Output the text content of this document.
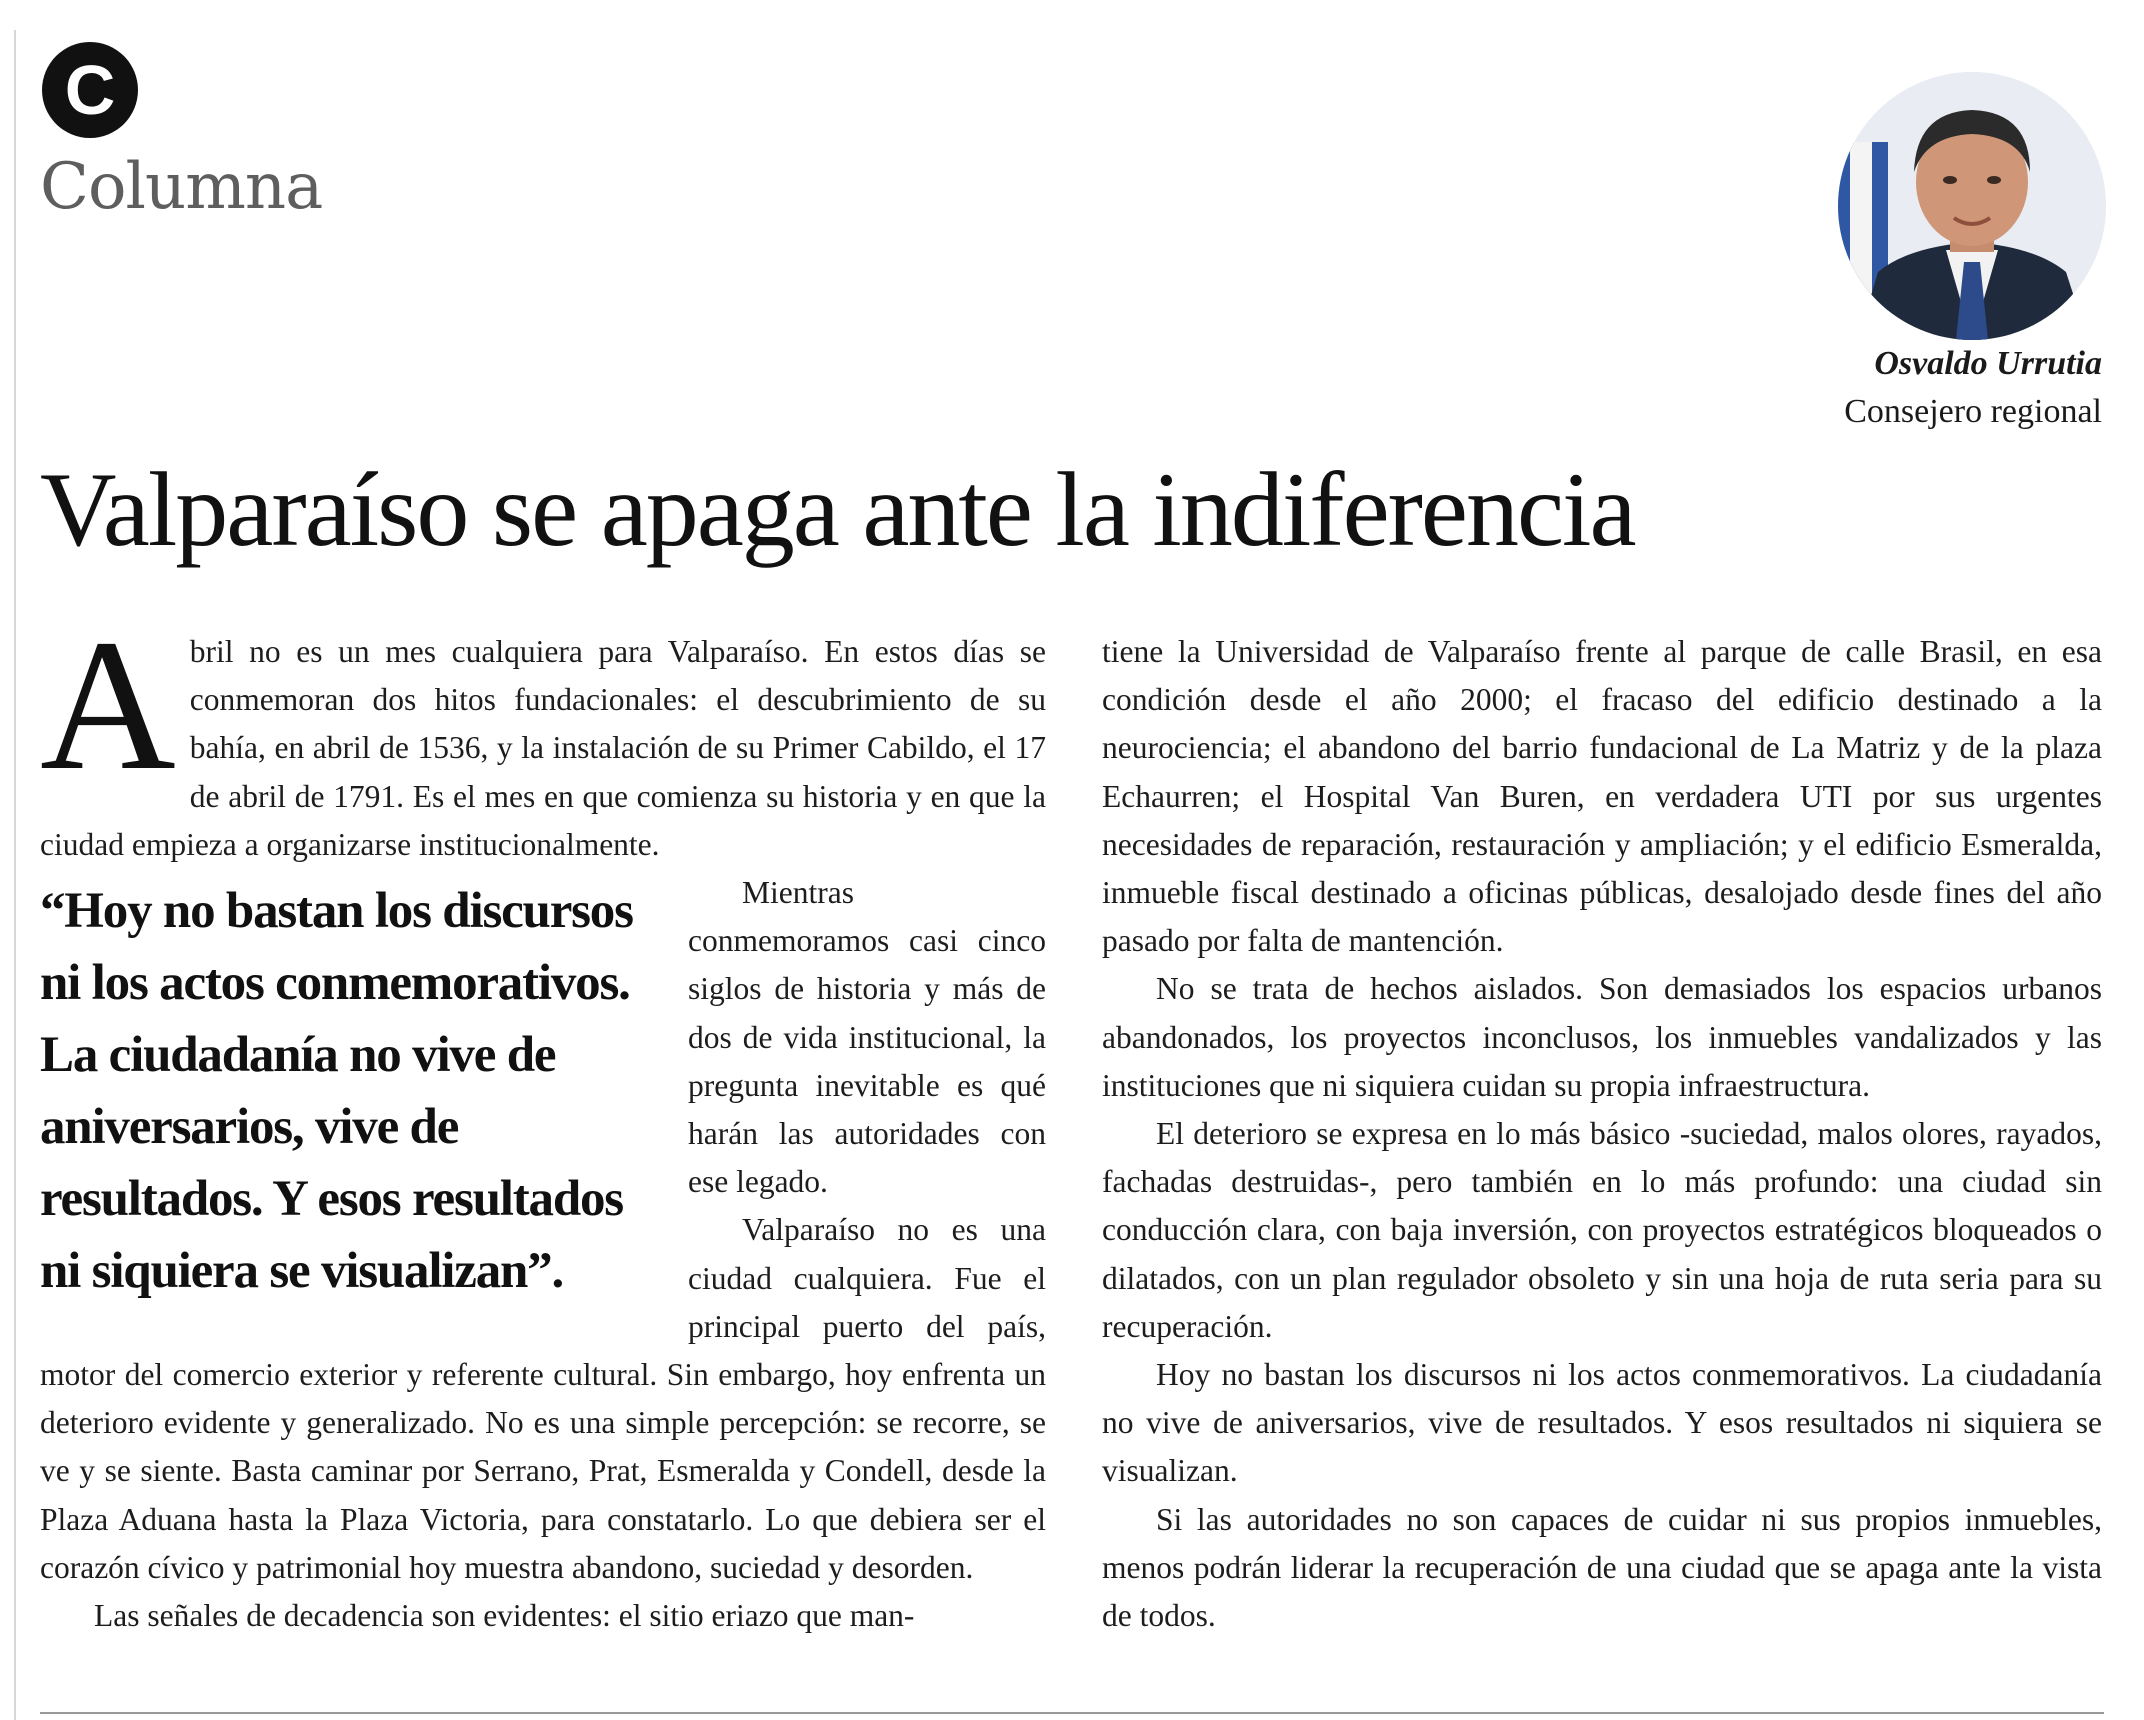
C
Columna
Osvaldo Urrutia
Consejero regional
Valparaíso se apaga ante la indiferencia

Abril no es un mes cualquiera para Valparaíso. En estos días se conmemoran dos hitos fundacionales: el descubrimiento de su bahía, en abril de 1536, y la instalación de su Primer Cabildo, el 17 de abril de 1791. Es el mes en que comienza su historia y en que la ciudad empieza a organizarse institucionalmente.

“Hoy no bastan los discursos ni los actos conmemorativos. La ciudadanía no vive de aniversarios, vive de resultados. Y esos resultados ni siquiera se visualizan”.
Mientras conmemoramos casi cinco siglos de historia y más de dos de vida institucional, la pregunta inevitable es qué harán las autoridades con ese legado.

Valparaíso no es una ciudad cualquiera. Fue el principal puerto del país, motor del comercio exterior y referente cultural. Sin embargo, hoy enfrenta un deterioro evidente y generalizado. No es una simple percepción: se recorre, se ve y se siente. Basta caminar por Serrano, Prat, Esmeralda y Condell, desde la Plaza Aduana hasta la Plaza Victoria, para constatarlo. Lo que debiera ser el corazón cívico y patrimonial hoy muestra abandono, suciedad y desorden.

Las señales de decadencia son evidentes: el sitio eriazo que man-

tiene la Universidad de Valparaíso frente al parque de calle Brasil, en esa condición desde el año 2000; el fracaso del edificio destinado a la neurociencia; el abandono del barrio fundacional de La Matriz y de la plaza Echaurren; el Hospital Van Buren, en verdadera UTI por sus urgentes necesidades de reparación, restauración y ampliación; y el edificio Esmeralda, inmueble fiscal destinado a oficinas públicas, desalojado desde fines del año pasado por falta de mantención.

No se trata de hechos aislados. Son demasiados los espacios urbanos abandonados, los proyectos inconclusos, los inmuebles vandalizados y las instituciones que ni siquiera cuidan su propia infraestructura.

El deterioro se expresa en lo más básico -suciedad, malos olores, rayados, fachadas destruidas-, pero también en lo más profundo: una ciudad sin conducción clara, con baja inversión, con proyectos estratégicos bloqueados o dilatados, con un plan regulador obsoleto y sin una hoja de ruta seria para su recuperación.

Hoy no bastan los discursos ni los actos conmemorativos. La ciudadanía no vive de aniversarios, vive de resultados. Y esos resultados ni siquiera se visualizan.

Si las autoridades no son capaces de cuidar ni sus propios inmuebles, menos podrán liderar la recuperación de una ciudad que se apaga ante la vista de todos.
